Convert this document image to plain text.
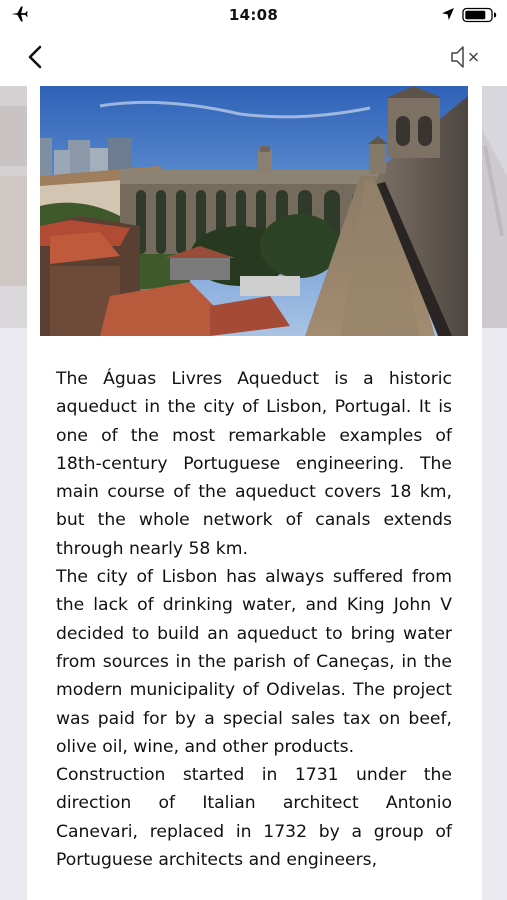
14:08

The Águas Livres Aqueduct is a historic aqueduct in the city of Lisbon, Portugal. It is one of the most remarkable examples of 18th-century Portuguese engineering. The main course of the aqueduct covers 18 km, but the whole network of canals extends through nearly 58 km.

The city of Lisbon has always suffered from the lack of drinking water, and King John V decided to build an aqueduct to bring water from sources in the parish of Caneças, in the modern municipality of Odivelas. The project was paid for by a special sales tax on beef, olive oil, wine, and other products.

Construction started in 1731 under the direction of Italian architect Antonio Canevari, replaced in 1732 by a group of Portuguese architects and engineers,
